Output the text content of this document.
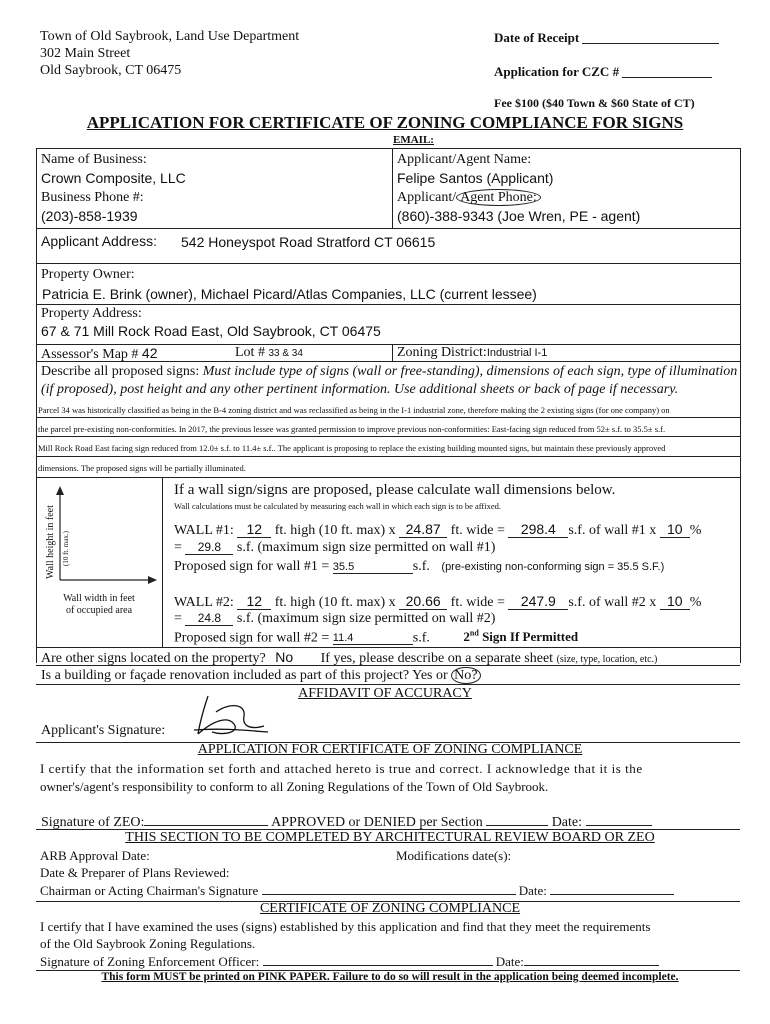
Town of Old Saybrook, Land Use Department
302 Main Street
Old Saybrook, CT 06475
Date of Receipt
Application for CZC #
Fee $100 ($40 Town & $60 State of CT)
APPLICATION FOR CERTIFICATE OF ZONING COMPLIANCE FOR SIGNS
EMAIL:
Name of Business:
Crown Composite, LLC
Business Phone #:
(203)-858-1939
Applicant/Agent Name:
Felipe Santos (Applicant)
Applicant/ Agent Phone:
(860)-388-9343 (Joe Wren, PE - agent)
Applicant Address: 542 Honeyspot Road Stratford CT 06615
Property Owner:
Patricia E. Brink (owner), Michael Picard/Atlas Companies, LLC (current lessee)
Property Address:
67 & 71 Mill Rock Road East, Old Saybrook, CT 06475
Assessor's Map # 42	Lot # 33 & 34	Zoning District:Industrial I-1
Describe all proposed signs: Must include type of signs (wall or free-standing), dimensions of each sign, type of illumination
(if proposed), post height and any other pertinent information. Use additional sheets or back of page if necessary.
Parcel 34 was historically classified as being in the B-4 zoning district and was reclassified as being in the I-1 industrial zone, therefore making the 2 existing signs (for one company) on
the parcel pre-existing non-conformities. In 2017, the previous lessee was granted permission to improve previous non-conformities: East-facing sign reduced from 52± s.f. to 35.5± s.f.
Mill Rock Road East facing sign reduced from 12.0± s.f. to 11.4± s.f.. The applicant is proposing to replace the existing building mounted signs, but maintain these previously approved
dimensions. The proposed signs will be partially illuminated.
Wall height in feet (10 ft. max.)
Wall width in feet
of occupied area
If a wall sign/signs are proposed, please calculate wall dimensions below.
Wall calculations must be calculated by measuring each wall in which each sign is to be affixed.
WALL #1: 12 ft. high (10 ft. max) x 24.87 ft. wide = 298.4 s.f. of wall #1 x 10 %
= 29.8 s.f. (maximum sign size permitted on wall #1)
Proposed sign for wall #1 = 35.5	s.f. (pre-existing non-conforming sign = 35.5 S.F.)
WALL #2: 12 ft. high (10 ft. max) x 20.66 ft. wide = 247.9 s.f. of wall #2 x 10 %
= 24.8 s.f. (maximum sign size permitted on wall #2)
Proposed sign for wall #2 = 11.4	s.f.	2nd Sign If Permitted
Are other signs located on the property? No If yes, please describe on a separate sheet (size, type, location, etc.)
Is a building or façade renovation included as part of this project? Yes or No?
AFFIDAVIT OF ACCURACY
Applicant's Signature:
APPLICATION FOR CERTIFICATE OF ZONING COMPLIANCE
I certify that the information set forth and attached hereto is true and correct. I acknowledge that it is the
owner's/agent's responsibility to conform to all Zoning Regulations of the Town of Old Saybrook.
Signature of ZEO:	APPROVED or DENIED per Section	Date:
THIS SECTION TO BE COMPLETED BY ARCHITECTURAL REVIEW BOARD OR ZEO
ARB Approval Date:	Modifications date(s):
Date & Preparer of Plans Reviewed:
Chairman or Acting Chairman's Signature	Date:
CERTIFICATE OF ZONING COMPLIANCE
I certify that I have examined the uses (signs) established by this application and find that they meet the requirements
of the Old Saybrook Zoning Regulations.
Signature of Zoning Enforcement Officer:	Date:
This form MUST be printed on PINK PAPER. Failure to do so will result in the application being deemed incomplete.
